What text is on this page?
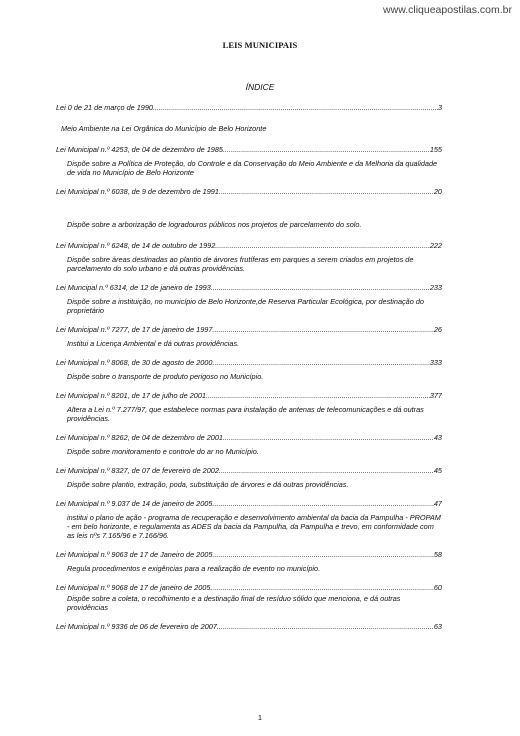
www.cliqueapostilas.com.br
LEIS MUNICIPAIS
ÍNDICE
Lei 0 de 21 de março de 1990 .....	3
Meio Ambiente na Lei Orgânica do Município de Belo Horizonte
Lei Municipal n.º 4253, de 04 de dezembro de 1985 .....	155
Dispõe sobre a Política de Proteção, do Controle e da Conservação do Meio Ambiente e da Melhoria da qualidade de vida no Município de Belo Horizonte
Lei Municipal n.º 6038, de 9 de dezembro de 1991. .....	20
Dispõe sobre a arborização de logradouros públicos nos projetos de parcelamento do solo.
Lei Municipal n.º 6248, de 14 de outubro de 1992. .....	222
Dispõe sobre áreas destinadas ao plantio de árvores frutíferas em parques a serem criados em projetos de parcelamento do solo urbano e dá outras providências.
Lei Muncipal n.º 6314, de 12 de janeiro de 1993. .....	233
Dispõe sobre a instituição, no município de Belo Horizonte,de Reserva Particular Ecológica, por destinação do proprietário
Lei Municipal n.º 7277, de 17 de janeiro de 1997. .....	26
Institui a Licença Ambiental e dá outras providências.
Lei Municipal n.º 8068, de 30 de agosto de 2000. .....	333
Dispõe sobre o transporte de produto perigoso no Município.
Lei Municipal n.º 8201, de 17 de julho de 2001 .....	377
Altera a Lei n.º 7.277/97, que estabelece normas para instalação de antenas de telecomunicações e dá outras providências.
Lei Municipal n.º 8262, de 04 de dezembro de 2001. .....	43
Dispõe sobre monitoramento e controle do ar no Município.
Lei Municipal n.º 8327, de 07 de fevereiro de 2002. .....	45
Dispõe sobre plantio, extração, poda, substituição de árvores e dá outras providências.
Lei Municipal n.º 9.037 de 14 de janeiro de 2005 .....	47
institui o plano de ação - programa de recuperação e desenvolvimento ambiental da bacia da Pampulha - PROPAM - em belo horizonte, e regulamenta as ADES da bacia da Pampulha, da Pampulha e trevo, em conformidade com as leis nºs 7.165/96 e 7.166/96.
Lei Municipal n.º 9063 de 17 de Janeiro de 2005 .....	58
Regula procedimentos e exigências para a realização de evento no município.
Lei Municipal n.º 9068 de 17 de janeiro de 2005 .....	60
Dispõe sobre a coleta, o recolhimento e a destinação final de resíduo sólido que menciona, e dá outras providências
Lei Municipal n.º 9336 de 06 de fevereiro de 2007 .....	63
1
